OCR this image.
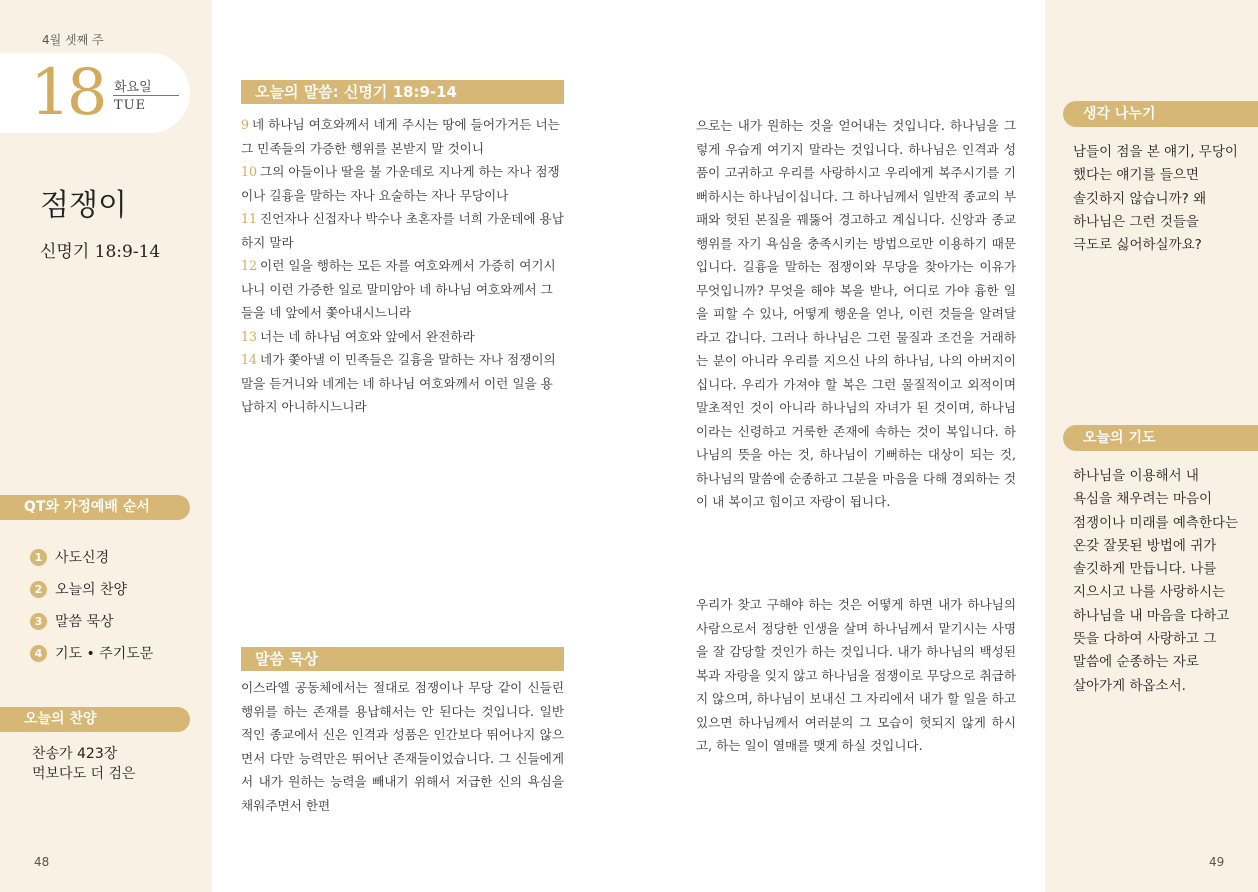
4월 셋째 주
18 화요일
TUE
점쟁이
신명기 18:9-14
QT와 가정예배 순서
1 사도신경
2 오늘의 찬양
3 말씀 묵상
4 기도 • 주기도문
오늘의 찬양
찬송가 423장
먹보다도 더 검은
48
오늘의 말씀: 신명기 18:9-14
9 네 하나님 여호와께서 네게 주시는 땅에 들어가거든 너는 그 민족들의 가증한 행위를 본받지 말 것이니
10 그의 아들이나 딸을 불 가운데로 지나게 하는 자나 점쟁이나 길흉을 말하는 자나 요술하는 자나 무당이나
11 진언자나 신접자나 박수나 초혼자를 너희 가운데에 용납하지 말라
12 이런 일을 행하는 모든 자를 여호와께서 가증히 여기시나니 이런 가증한 일로 말미암아 네 하나님 여호와께서 그들을 네 앞에서 쫓아내시느니라
13 너는 네 하나님 여호와 앞에서 완전하라
14 네가 쫓아낼 이 민족들은 길흉을 말하는 자나 점쟁이의 말을 듣거니와 네게는 네 하나님 여호와께서 이런 일을 용납하지 아니하시느니라
말씀 묵상
이스라엘 공동체에서는 절대로 점쟁이나 무당 같이 신들린 행위를 하는 존재를 용납해서는 안 된다는 것입니다. 일반적인 종교에서 신은 인격과 성품은 인간보다 뛰어나지 않으면서 다만 능력만은 뛰어난 존재들이었습니다. 그 신들에게서 내가 원하는 능력을 빼내기 위해서 저급한 신의 욕심을 채워주면서 한편
으로는 내가 원하는 것을 얻어내는 것입니다. 하나님을 그렇게 우습게 여기지 말라는 것입니다. 하나님은 인격과 성품이 고귀하고 우리를 사랑하시고 우리에게 복주시기를 기뻐하시는 하나님이십니다. 그 하나님께서 일반적 종교의 부패와 헛된 본질을 꿰뚫어 경고하고 계십니다. 신앙과 종교행위를 자기 욕심을 충족시키는 방법으로만 이용하기 때문입니다. 길흉을 말하는 점쟁이와 무당을 찾아가는 이유가 무엇입니까? 무엇을 해야 복을 받나, 어디로 가야 흉한 일을 피할 수 있나, 어떻게 행운을 얻나, 이런 것들을 알려달라고 갑니다. 그러나 하나님은 그런 물질과 조건을 거래하는 분이 아니라 우리를 지으신 나의 하나님, 나의 아버지이십니다. 우리가 가져야 할 복은 그런 물질적이고 외적이며 말초적인 것이 아니라 하나님의 자녀가 된 것이며, 하나님이라는 신령하고 거룩한 존재에 속하는 것이 복입니다. 하나님의 뜻을 아는 것, 하나님이 기뻐하는 대상이 되는 것, 하나님의 말씀에 순종하고 그분을 마음을 다해 경외하는 것이 내 복이고 힘이고 자랑이 됩니다.
우리가 찾고 구해야 하는 것은 어떻게 하면 내가 하나님의 사람으로서 정당한 인생을 살며 하나님께서 맡기시는 사명을 잘 감당할 것인가 하는 것입니다. 내가 하나님의 백성된 복과 자랑을 잊지 않고 하나님을 점쟁이로 무당으로 취급하지 않으며, 하나님이 보내신 그 자리에서 내가 할 일을 하고 있으면 하나님께서 여러분의 그 모습이 헛되지 않게 하시고, 하는 일이 열매를 맺게 하실 것입니다.
생각 나누기
남들이 점을 본 얘기, 무당이
했다는 얘기를 들으면
솔깃하지 않습니까? 왜
하나님은 그런 것들을
극도로 싫어하실까요?
오늘의 기도
하나님을 이용해서 내
욕심을 채우려는 마음이
점쟁이나 미래를 예측한다는
온갖 잘못된 방법에 귀가
솔깃하게 만듭니다. 나를
지으시고 나를 사랑하시는
하나님을 내 마음을 다하고
뜻을 다하여 사랑하고 그
말씀에 순종하는 자로
살아가게 하옵소서.
49
